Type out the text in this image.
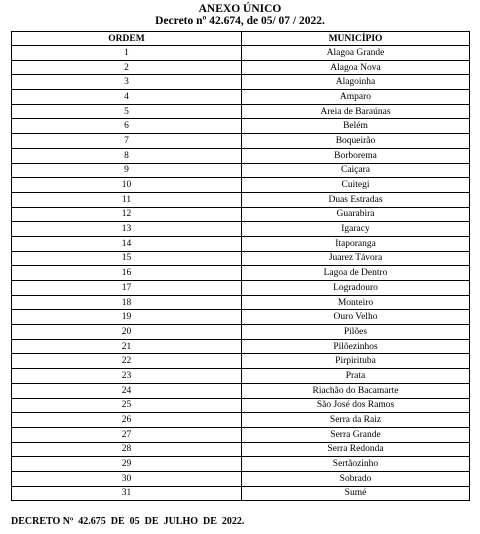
ANEXO ÚNICO
Decreto nº 42.674, de 05/ 07 / 2022.
ORDEM	MUNICÍPIO
1	Alagoa Grande
2	Alagoa Nova
3	Alagoinha
4	Amparo
5	Areia de Baraúnas
6	Belém
7	Boqueirão
8	Borborema
9	Caiçara
10	Cuitegi
11	Duas Estradas
12	Guarabira
13	Igaracy
14	Itaporanga
15	Juarez Távora
16	Lagoa de Dentro
17	Logradouro
18	Monteiro
19	Ouro Velho
20	Pilões
21	Pilõezinhos
22	Pirpirituba
23	Prata
24	Riachão do Bacamarte
25	São José dos Ramos
26	Serra da Raiz
27	Serra Grande
28	Serra Redonda
29	Sertãozinho
30	Sobrado
31	Sumé
DECRETO Nº  42.675  DE  05  DE  JULHO  DE  2022.
